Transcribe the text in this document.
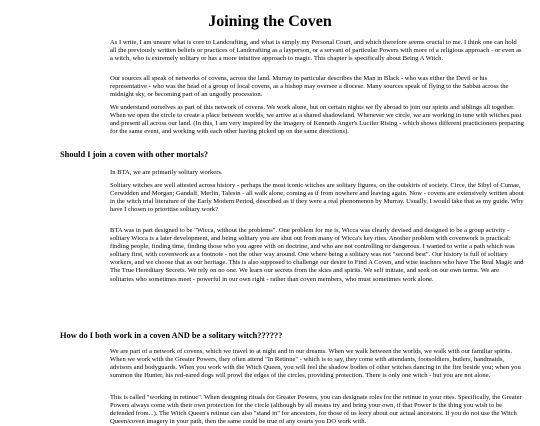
Joining the Coven

As I write, I am unsure what is core to Landcrafting, and what is simply my Personal Court, and which therefore seems crucial to me. I think one can hold all the previously written beliefs or practices of Landcrafting as a layperson, or a servant of particular Powers with more of a religious approach - or even as a witch, who is extremely solitary or has a more intuitive approach to magic. This chapter is specifically about Being A Witch.

Our sources all speak of networks of covens, across the land. Murray in particular describes the Man in Black - who was either the Devil or his representative - who was the head of a group of local covens, as a bishop may oversee a diocese. Many sources speak of flying to the Sabbat across the midnight sky, or becoming part of an ungodly procession.

We understand ourselves as part of this network of covens. We work alone, but on certain nights we fly abroad to join our spirits and siblings all together. When we open the circle to create a place between worlds, we arrive at a shared shadowland. Whenever we circle, we are working in tune with witches past and present all across our land. (In this, I am very inspired by the imagery of Kenneth Anger's Lucifer Rising - which shows different practicioners preparing for the same event, and working with each other having picked up on the same directions).

Should I join a coven with other mortals?

In BTA, we are primarily solitary workers.

Solitary witches are well attested across history - perhaps the most iconic witches are solitary figures, on the outskirts of society. Circe, the Sibyl of Cumae, Cerwidden and Morgan; Gandalf, Merlin, Talesin - all walk alone, coming as if from nowhere and leaving again. Now - covens are extensively written about in the witch trial literature of the Early Modern Period, described as if they were a real phenomenon by Murray. Usually, I would take that as my guide. Why have I chosen to prioritise solitary work?

BTA was in part designed to be "Wicca, without the problems". One problem for me is, Wicca was clearly devised and designed to be a group activity - solitary Wicca is a later development, and being solitary you are shut out from many of Wicca's key rites. Another problem with covenwork is practical: finding people, finding time, finding those who you agree with on doctrine, and who are not controlling or dangerous. I wanted to write a path which was solitary first, with covenwork as a footnote - not the other way around. One where being a solitary was not "second best". Our history is full of solitary workers, and we choose that as our heritage. This is also supposed to challenge our desire to Find A Coven, and wise teachers who have The Real Magic and The True Hereditary Secrets. We rely on no one. We learn our secrets from the skies and spirits. We self initiate, and seek on our own terms. We are solitaries who sometimes meet - powerful in our own right - rather than coven members, who must sometimes work alone.

How do I both work in a coven AND be a solitary witch??????

We are part of a network of covens, which we travel to at night and in our dreams. When we walk between the worlds, we walk with our familiar spirits. When we work with the Greater Powers, they often attend "In Retinue" - which is to say, they come with attendants, footsoldiers, butlers, handmaids, advisors and bodyguards. When you work with the Witch Queen, you will feel the shadow bodies of other witches dancing in the fire beside you; when you summon the Hunter, his red-eared dogs will prowl the edges of the circles, providing protection. There is only one witch - but you are not alone.

This is called "working in retinue". When designing rituals for Greater Powers, you can designate roles for the retinue in your rites. Specifically, the Greater Powers always come with their own protection for the circle (although by all means try and bring your own, if that Power is the thing you wish to be defended from...). The Witch Queen's retinue can also "stand in" for ancestors, for those of us leery about our actual ancestors. If you do not use the Witch Queen/coven imagery in your path, then the same could be true of any courts you DO work with.
